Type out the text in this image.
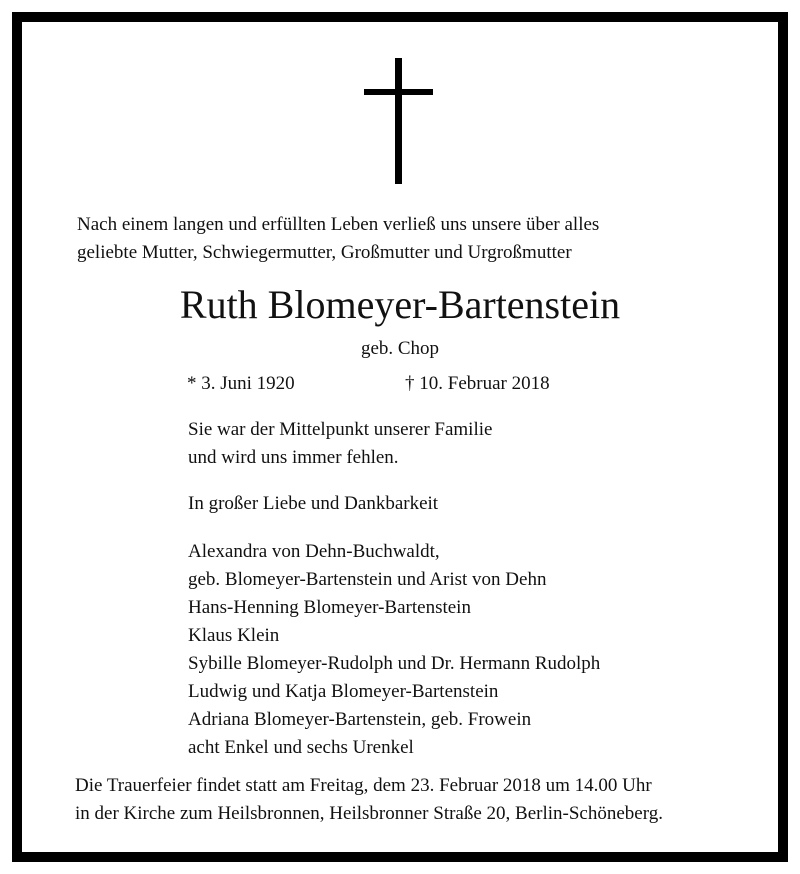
Nach einem langen und erfüllten Leben verließ uns unsere über alles
geliebte Mutter, Schwiegermutter, Großmutter und Urgroßmutter
Ruth Blomeyer-Bartenstein
geb. Chop
* 3. Juni 1920	† 10. Februar 2018
Sie war der Mittelpunkt unserer Familie
und wird uns immer fehlen.
In großer Liebe und Dankbarkeit
Alexandra von Dehn-Buchwaldt,
geb. Blomeyer-Bartenstein und Arist von Dehn
Hans-Henning Blomeyer-Bartenstein
Klaus Klein
Sybille Blomeyer-Rudolph und Dr. Hermann Rudolph
Ludwig und Katja Blomeyer-Bartenstein
Adriana Blomeyer-Bartenstein, geb. Frowein
acht Enkel und sechs Urenkel
Die Trauerfeier findet statt am Freitag, dem 23. Februar 2018 um 14.00 Uhr
in der Kirche zum Heilsbronnen, Heilsbronner Straße 20, Berlin-Schöneberg.
